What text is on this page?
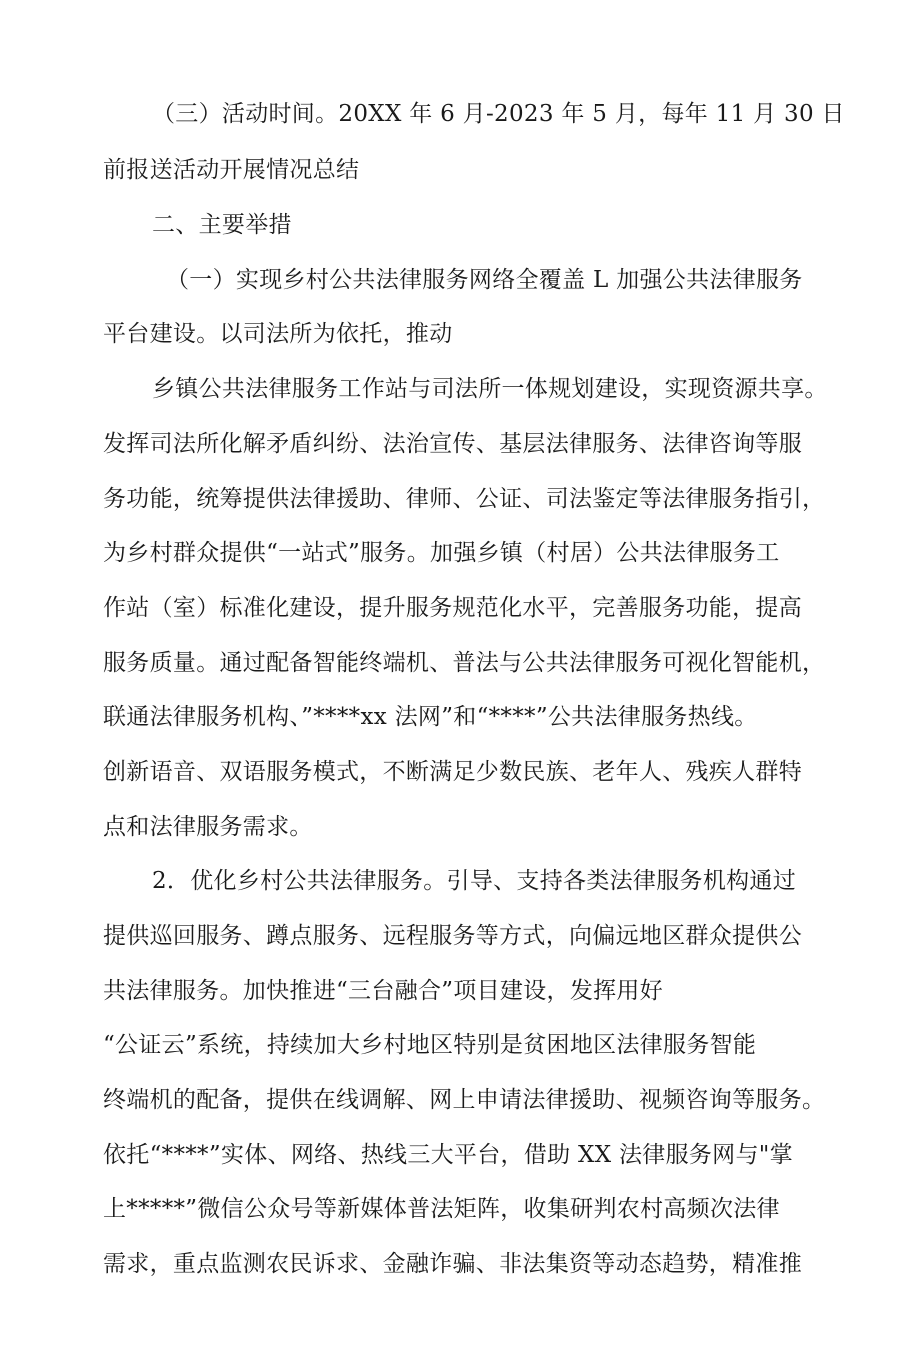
（三）活动时间。20XX 年 6 月-2023 年 5 月，每年 11 月 30 日
前报送活动开展情况总结
二、主要举措
（一）实现乡村公共法律服务网络全覆盖 L 加强公共法律服务
平台建设。以司法所为依托，推动
乡镇公共法律服务工作站与司法所一体规划建设，实现资源共享。
发挥司法所化解矛盾纠纷、法治宣传、基层法律服务、法律咨询等服
务功能，统筹提供法律援助、律师、公证、司法鉴定等法律服务指引，
为乡村群众提供“一站式”服务。加强乡镇（村居）公共法律服务工
作站（室）标准化建设，提升服务规范化水平，完善服务功能，提高
服务质量。通过配备智能终端机、普法与公共法律服务可视化智能机，
联通法律服务机构、”****xx 法网”和“****”公共法律服务热线。
创新语音、双语服务模式，不断满足少数民族、老年人、残疾人群特
点和法律服务需求。
2．优化乡村公共法律服务。引导、支持各类法律服务机构通过
提供巡回服务、蹲点服务、远程服务等方式，向偏远地区群众提供公
共法律服务。加快推进“三台融合”项目建设，发挥用好
“公证云”系统，持续加大乡村地区特别是贫困地区法律服务智能
终端机的配备，提供在线调解、网上申请法律援助、视频咨询等服务。
依托“****”实体、网络、热线三大平台，借助 XX 法律服务网与"掌
上*****”微信公众号等新媒体普法矩阵，收集研判农村高频次法律
需求，重点监测农民诉求、金融诈骗、非法集资等动态趋势，精准推
